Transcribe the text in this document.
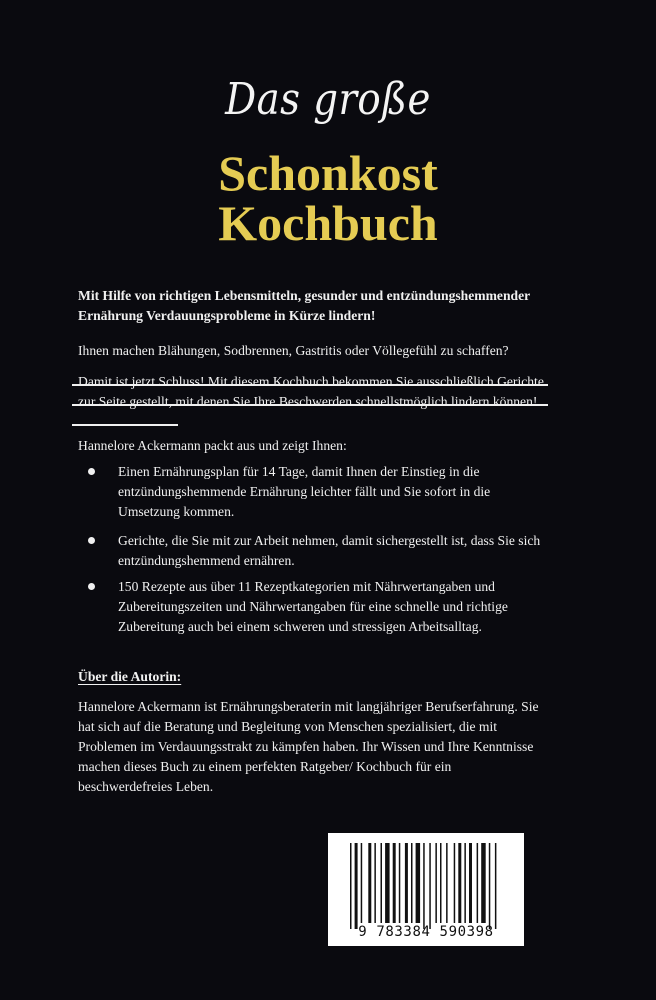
Das große
Schonkost
Kochbuch
Mit Hilfe von richtigen Lebensmitteln, gesunder und entzündungshemmender Ernährung Verdauungsprobleme in Kürze lindern!
Ihnen machen Blähungen, Sodbrennen, Gastritis oder Völlegefühl zu schaffen?
Damit ist jetzt Schluss! Mit diesem Kochbuch bekommen Sie ausschließlich Gerichte zur Seite gestellt, mit denen Sie Ihre Beschwerden schnellstmöglich lindern können!
Hannelore Ackermann packt aus und zeigt Ihnen:
Einen Ernährungsplan für 14 Tage, damit Ihnen der Einstieg in die entzündungshemmende Ernährung leichter fällt und Sie sofort in die Umsetzung kommen.
Gerichte, die Sie mit zur Arbeit nehmen, damit sichergestellt ist, dass Sie sich entzündungshemmend ernähren.
150 Rezepte aus über 11 Rezeptkategorien mit Nährwertangaben und Zubereitungszeiten und Nährwertangaben für eine schnelle und richtige Zubereitung auch bei einem schweren und stressigen Arbeitsalltag.
Über die Autorin:
Hannelore Ackermann ist Ernährungsberaterin mit langjähriger Berufserfahrung. Sie hat sich auf die Beratung und Begleitung von Menschen spezialisiert, die mit Problemen im Verdauungsstrakt zu kämpfen haben. Ihr Wissen und Ihre Kenntnisse machen dieses Buch zu einem perfekten Ratgeber/ Kochbuch für ein beschwerdefreies Leben.
9 783384 590398
